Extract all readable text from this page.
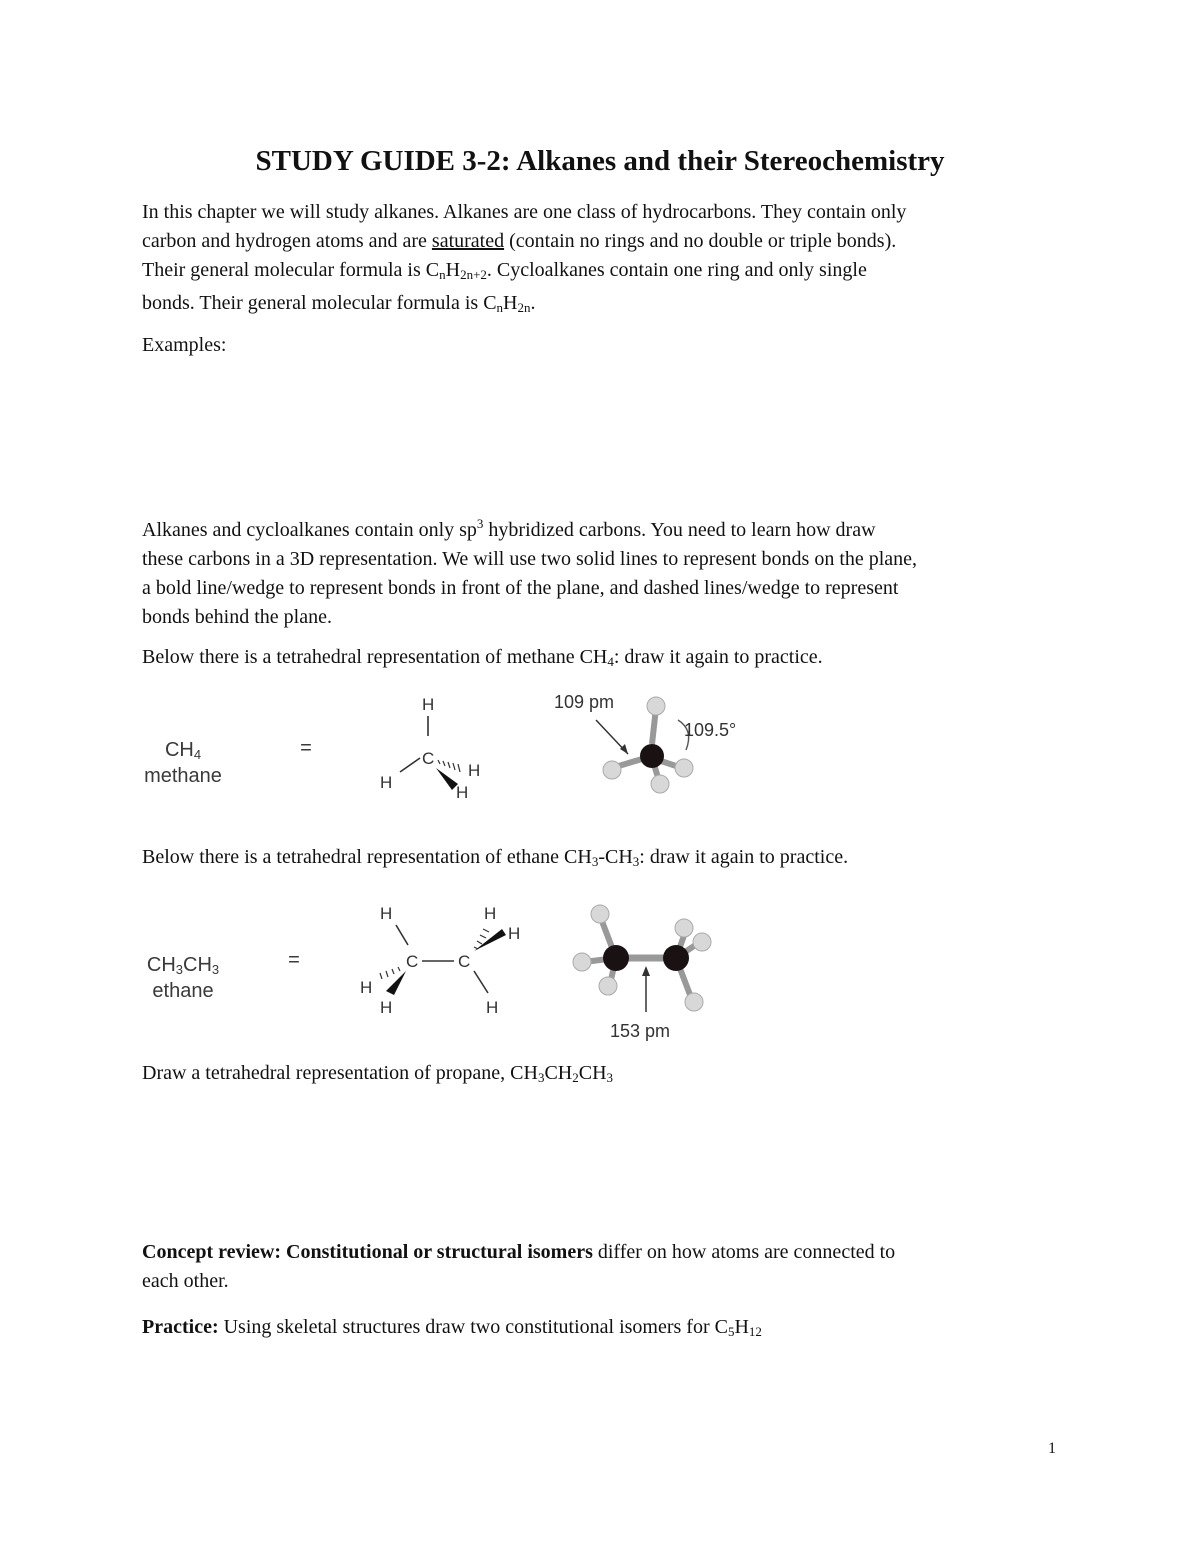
STUDY GUIDE 3-2: Alkanes and their Stereochemistry
In this chapter we will study alkanes. Alkanes are one class of hydrocarbons. They contain only
carbon and hydrogen atoms and are saturated (contain no rings and no double or triple bonds).
Their general molecular formula is $C_nH_{2n+2}$. Cycloalkanes contain one ring and only single
bonds. Their general molecular formula is $C_nH_{2n}$.
Examples:
Alkanes and cycloalkanes contain only $sp^3$ hybridized carbons. You need to learn how draw
these carbons in a 3D representation. We will use two solid lines to represent bonds on the plane,
a bold line/wedge to represent bonds in front of the plane, and dashed lines/wedge to represent
bonds behind the plane.
Below there is a tetrahedral representation of methane $CH_4$: draw it again to practice.
$CH_4$
methane
=
H
C
H
H
H
109 pm
109.5°
Below there is a tetrahedral representation of ethane $CH_3-CH_3$: draw it again to practice.
$CH_3CH_3$
ethane
=
H
C C
H
H
H
H
H
153 pm
Draw a tetrahedral representation of propane, $CH_3CH_2CH_3$
Concept review: Constitutional or structural isomers differ on how atoms are connected to
each other.
Practice: Using skeletal structures draw two constitutional isomers for $C_5H_{12}$
1
